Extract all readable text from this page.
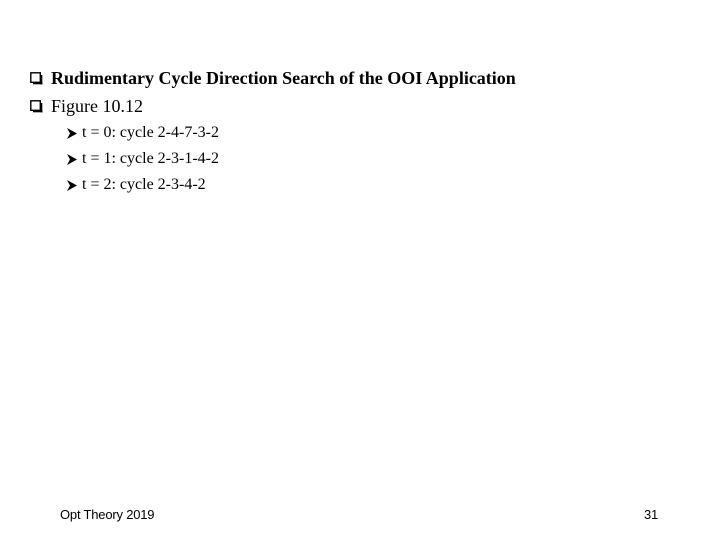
Rudimentary Cycle Direction Search of the OOI Application
Figure 10.12
t = 0: cycle 2-4-7-3-2
t = 1: cycle 2-3-1-4-2
t = 2: cycle 2-3-4-2
Opt Theory 2019	31
